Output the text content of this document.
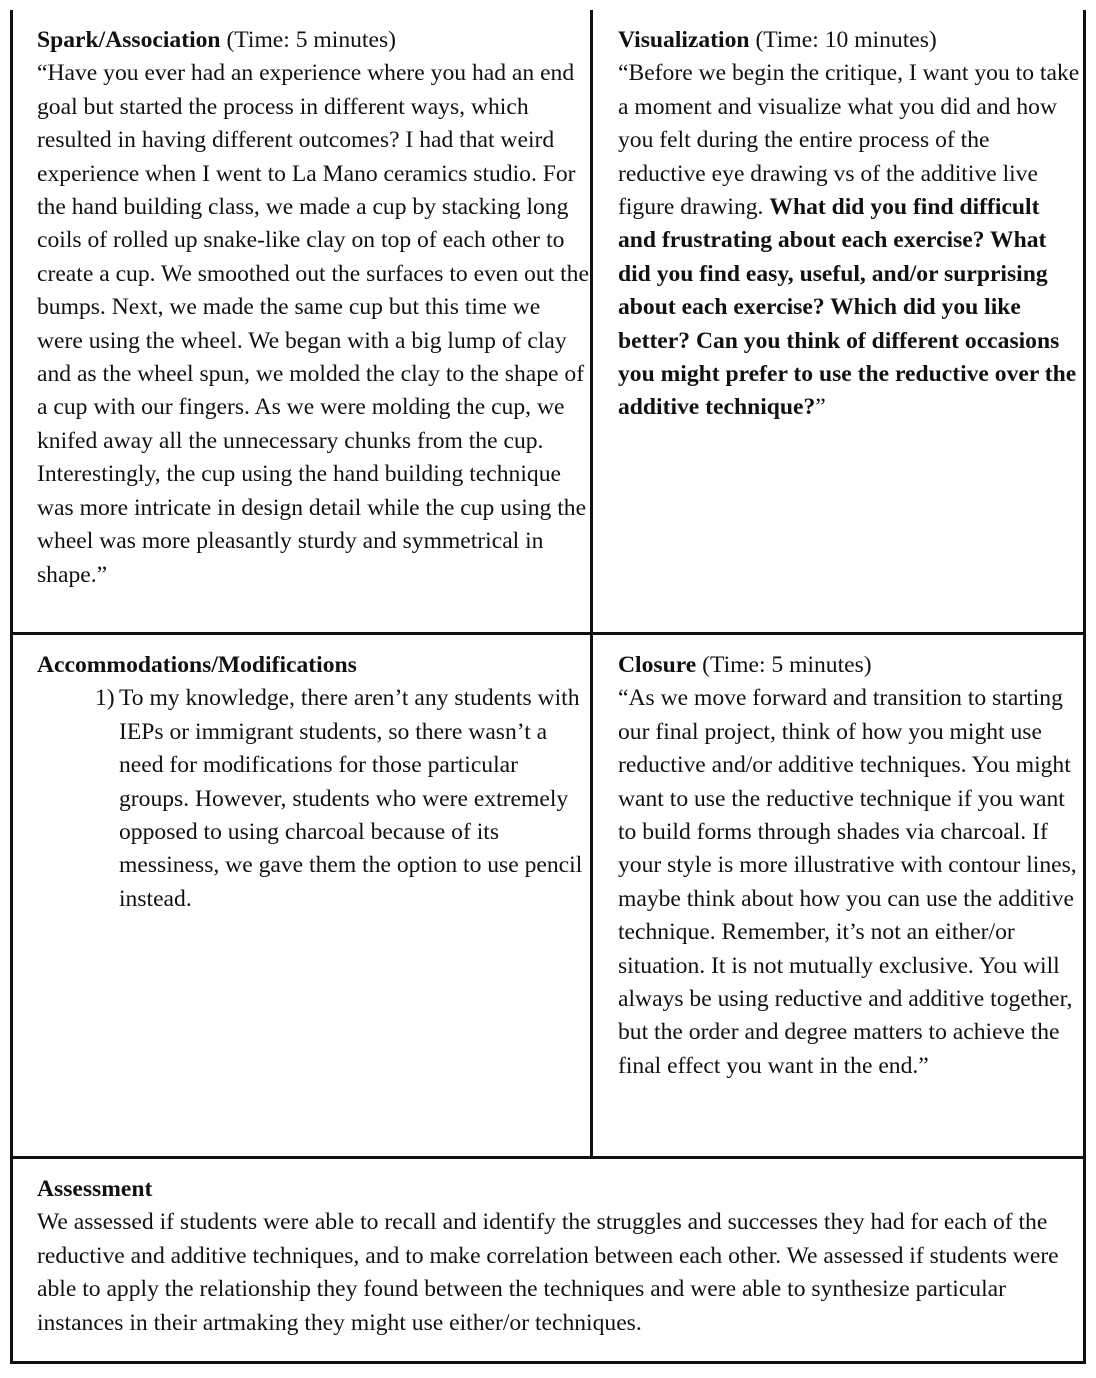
Spark/Association (Time: 5 minutes)

“Have you ever had an experience where you had an end goal but started the process in different ways, which resulted in having different outcomes? I had that weird experience when I went to La Mano ceramics studio. For the hand building class, we made a cup by stacking long coils of rolled up snake-like clay on top of each other to create a cup. We smoothed out the surfaces to even out the bumps. Next, we made the same cup but this time we were using the wheel. We began with a big lump of clay and as the wheel spun, we molded the clay to the shape of a cup with our fingers. As we were molding the cup, we knifed away all the unnecessary chunks from the cup. Interestingly, the cup using the hand building technique was more intricate in design detail while the cup using the wheel was more pleasantly sturdy and symmetrical in shape.”

Visualization (Time: 10 minutes)

“Before we begin the critique, I want you to take a moment and visualize what you did and how you felt during the entire process of the reductive eye drawing vs of the additive live figure drawing. What did you find difficult and frustrating about each exercise? What did you find easy, useful, and/or surprising about each exercise? Which did you like better? Can you think of different occasions you might prefer to use the reductive over the additive technique?”

Accommodations/Modifications

1) To my knowledge, there aren’t any students with IEPs or immigrant students, so there wasn’t a need for modifications for those particular groups. However, students who were extremely opposed to using charcoal because of its messiness, we gave them the option to use pencil instead.

Closure (Time: 5 minutes)

“As we move forward and transition to starting our final project, think of how you might use reductive and/or additive techniques. You might want to use the reductive technique if you want to build forms through shades via charcoal. If your style is more illustrative with contour lines, maybe think about how you can use the additive technique. Remember, it’s not an either/or situation. It is not mutually exclusive. You will always be using reductive and additive together, but the order and degree matters to achieve the final effect you want in the end.”

Assessment

We assessed if students were able to recall and identify the struggles and successes they had for each of the reductive and additive techniques, and to make correlation between each other. We assessed if students were able to apply the relationship they found between the techniques and were able to synthesize particular instances in their artmaking they might use either/or techniques.
